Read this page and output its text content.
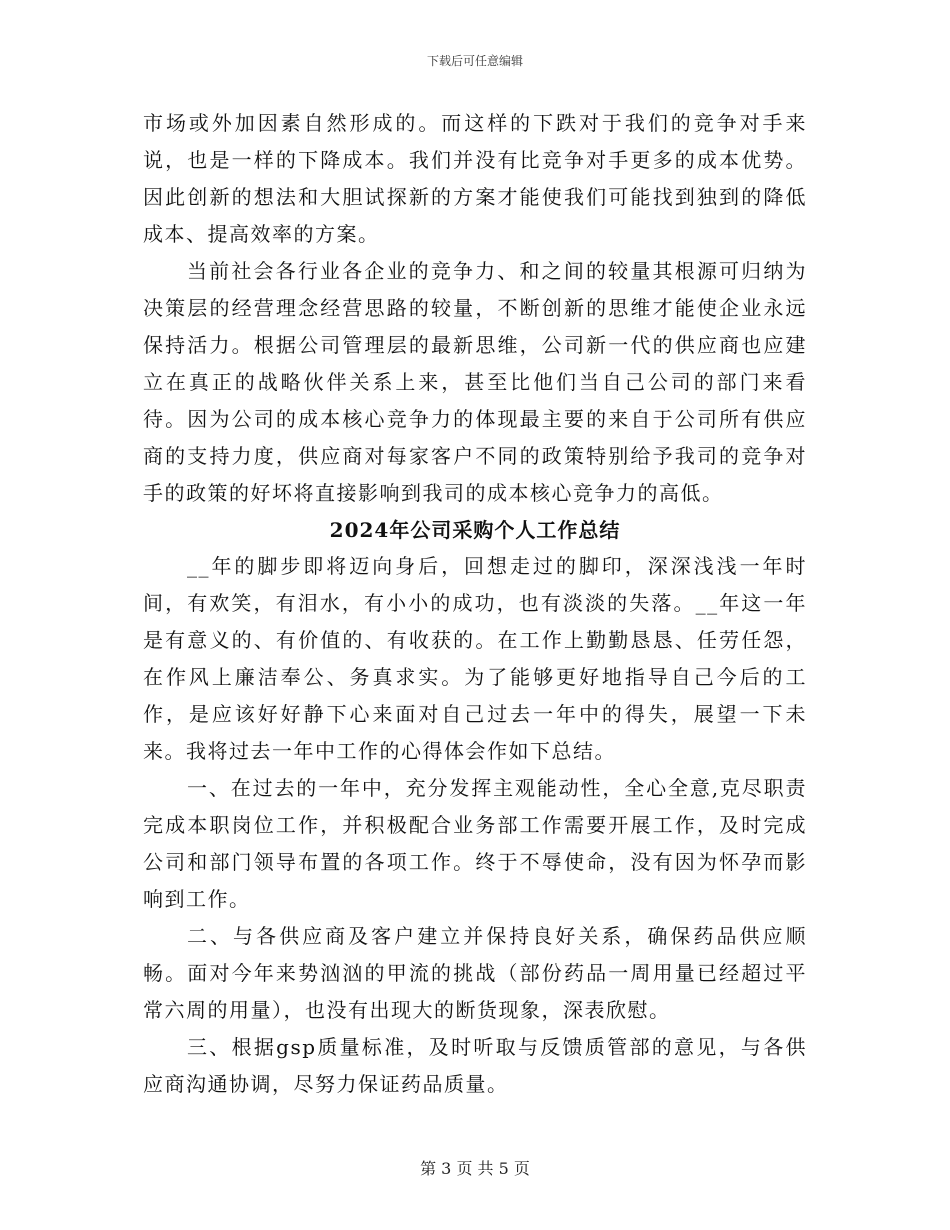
下载后可任意编辑

市场或外加因素自然形成的。而这样的下跌对于我们的竞争对手来说，也是一样的下降成本。我们并没有比竞争对手更多的成本优势。因此创新的想法和大胆试探新的方案才能使我们可能找到独到的降低成本、提高效率的方案。

当前社会各行业各企业的竞争力、和之间的较量其根源可归纳为决策层的经营理念经营思路的较量，不断创新的思维才能使企业永远保持活力。根据公司管理层的最新思维，公司新一代的供应商也应建立在真正的战略伙伴关系上来，甚至比他们当自己公司的部门来看待。因为公司的成本核心竞争力的体现最主要的来自于公司所有供应商的支持力度，供应商对每家客户不同的政策特别给予我司的竞争对手的政策的好坏将直接影响到我司的成本核心竞争力的高低。

2024年公司采购个人工作总结

__年的脚步即将迈向身后，回想走过的脚印，深深浅浅一年时间，有欢笑，有泪水，有小小的成功，也有淡淡的失落。__年这一年是有意义的、有价值的、有收获的。在工作上勤勤恳恳、任劳任怨，在作风上廉洁奉公、务真求实。为了能够更好地指导自己今后的工作，是应该好好静下心来面对自己过去一年中的得失，展望一下未来。我将过去一年中工作的心得体会作如下总结。

一、在过去的一年中，充分发挥主观能动性，全心全意,克尽职责完成本职岗位工作，并积极配合业务部工作需要开展工作，及时完成公司和部门领导布置的各项工作。终于不辱使命，没有因为怀孕而影响到工作。

二、与各供应商及客户建立并保持良好关系，确保药品供应顺畅。面对今年来势汹汹的甲流的挑战（部份药品一周用量已经超过平常六周的用量），也没有出现大的断货现象，深表欣慰。

三、根据gsp质量标准，及时听取与反馈质管部的意见，与各供应商沟通协调，尽努力保证药品质量。

第 3 页 共 5 页
